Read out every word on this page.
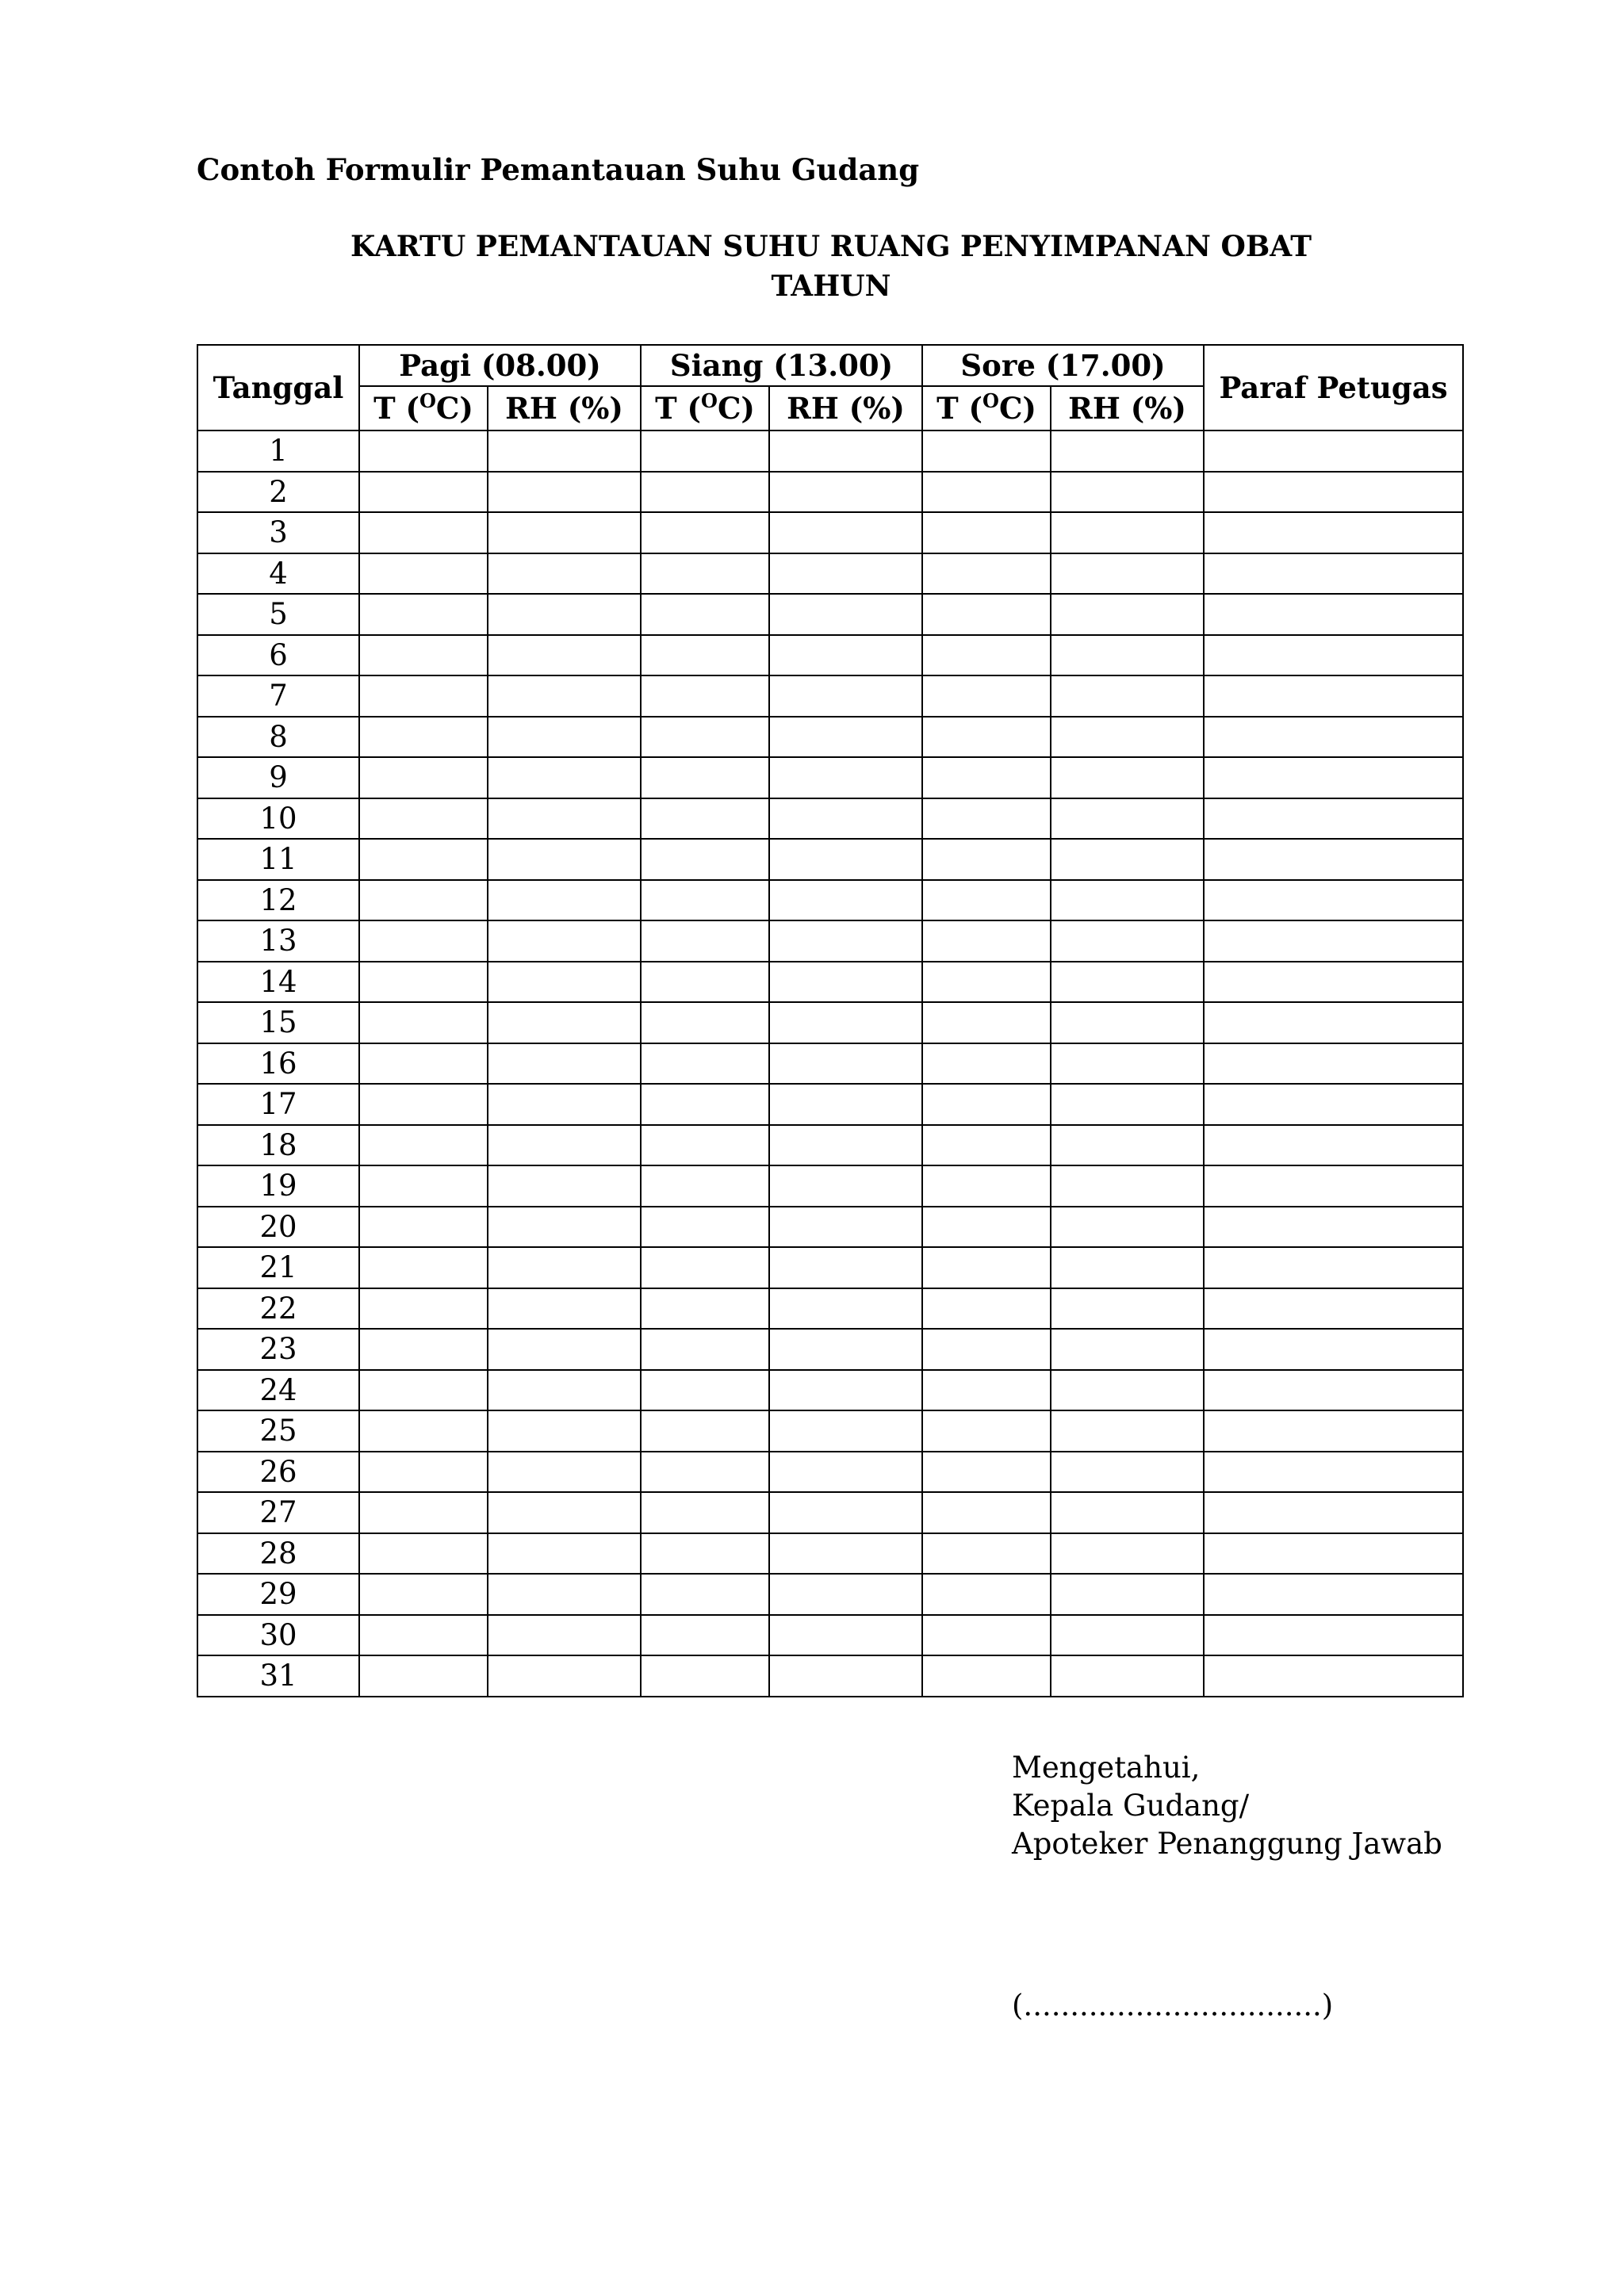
Contoh Formulir Pemantauan Suhu Gudang
KARTU PEMANTAUAN SUHU RUANG PENYIMPANAN OBAT
TAHUN
Tanggal	Pagi (08.00)		Siang (13.00)		Sore (17.00)		Paraf Petugas
	T ($^O$C)	RH (%)	T ($^O$C)	RH (%)	T ($^O$C)	RH (%)	
1							
2							
3							
4							
5							
6							
7							
8							
9							
10							
11							
12							
13							
14							
15							
16							
17							
18							
19							
20							
21							
22							
23							
24							
25							
26							
27							
28							
29							
30							
31							
Mengetahui,
Kepala Gudang/
Apoteker Penanggung Jawab
(................................)
